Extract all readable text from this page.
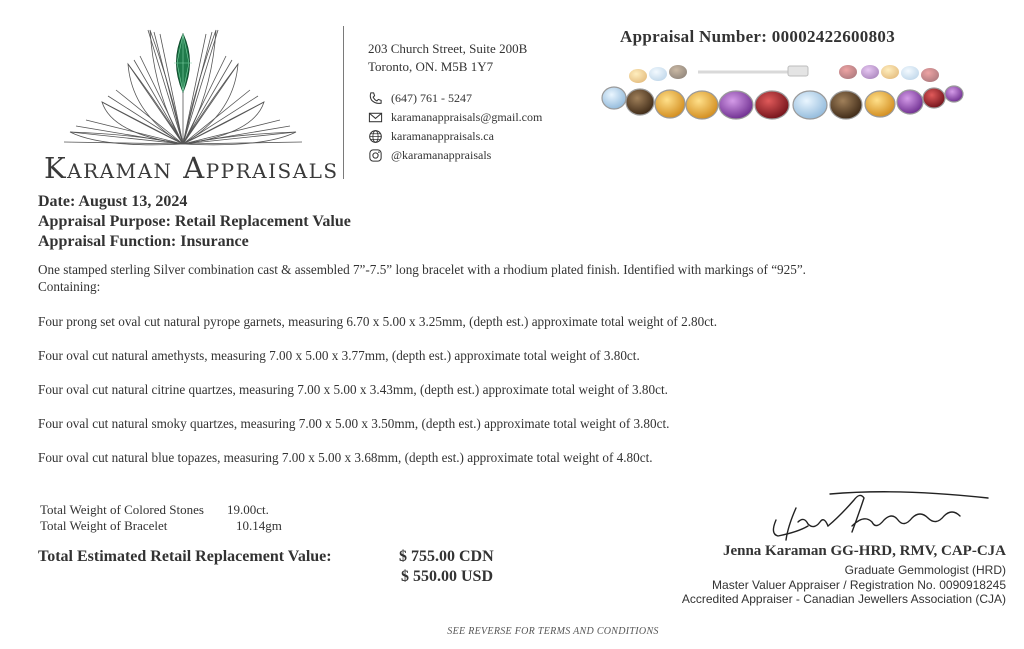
Karaman Appraisals
203 Church Street, Suite 200B
Toronto, ON. M5B 1Y7
(647) 761 - 5247
karamanappraisals@gmail.com
karamanappraisals.ca
@karamanappraisals
Appraisal Number: 00002422600803
Date: August 13, 2024
Appraisal Purpose: Retail Replacement Value
Appraisal Function: Insurance
One stamped sterling Silver combination cast & assembled 7”-7.5” long bracelet with a rhodium plated finish. Identified with markings of “925”.
Containing:
Four prong set oval cut natural pyrope garnets, measuring 6.70 x 5.00 x 3.25mm, (depth est.) approximate total weight of 2.80ct.
Four oval cut natural amethysts, measuring 7.00 x 5.00 x 3.77mm, (depth est.) approximate total weight of 3.80ct.
Four oval cut natural citrine quartzes, measuring 7.00 x 5.00 x 3.43mm, (depth est.) approximate total weight of 3.80ct.
Four oval cut natural smoky quartzes, measuring 7.00 x 5.00 x 3.50mm, (depth est.) approximate total weight of 3.80ct.
Four oval cut natural blue topazes, measuring 7.00 x 5.00 x 3.68mm, (depth est.) approximate total weight of 4.80ct.
Total Weight of Colored Stones 19.00ct.
Total Weight of Bracelet	10.14gm
Total Estimated Retail Replacement Value:	$ 755.00 CDN
$ 550.00 USD
Jenna Karaman GG-HRD, RMV, CAP-CJA
Graduate Gemmologist (HRD)
Master Valuer Appraiser / Registration No. 0090918245
Accredited Appraiser - Canadian Jewellers Association (CJA)
SEE REVERSE FOR TERMS AND CONDITIONS
